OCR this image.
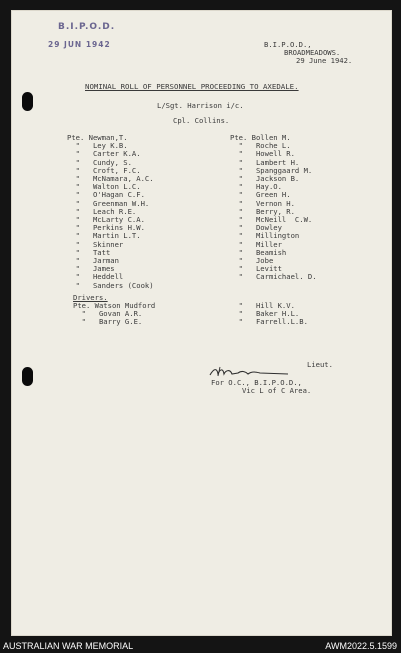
B.I.P.O.D.
29 JUN 1942	B.I.P.O.D.,
BROADMEADOWS.
29 June 1942.
NOMINAL ROLL OF PERSONNEL PROCEEDING TO AXEDALE.
L/Sgt. Harrison i/c.
Cpl. Collins.
Pte. Newman,T.
"   Ley K.B.
"   Carter K.A.
"   Cundy, S.
"   Croft, F.C.
"   McNamara, A.C.
"   Walton L.C.
"   O'Hagan C.F.
"   Greenman W.H.
"   Leach R.E.
"   McLarty C.A.
"   Perkins H.W.
"   Martin L.T.
"   Skinner
"   Tatt
"   Jarman
"   James
"   Heddell
"   Sanders (Cook)
Pte. Bollen M.
"   Roche L.
"   Howell R.
"   Lambert H.
"   Spanggaard M.
"   Jackson B.
"   Hay.O.
"   Green H.
"   Vernon H.
"   Berry, R.
"   McNeill  C.W.
"   Dowley
"   Millington
"   Miller
"   Beamish
"   Jobe
"   Levitt
"   Carmichael. D.
Drivers.
Pte. Watson Mudford
"   Govan A.R.
"   Barry G.E.
"   Hill K.V.
"   Baker H.L.
"   Farrell.L.B.
Lieut.
For O.C., B.I.P.O.D.,
Vic L of C Area.
AUSTRALIAN WAR MEMORIAL	AWM2022.5.1599
